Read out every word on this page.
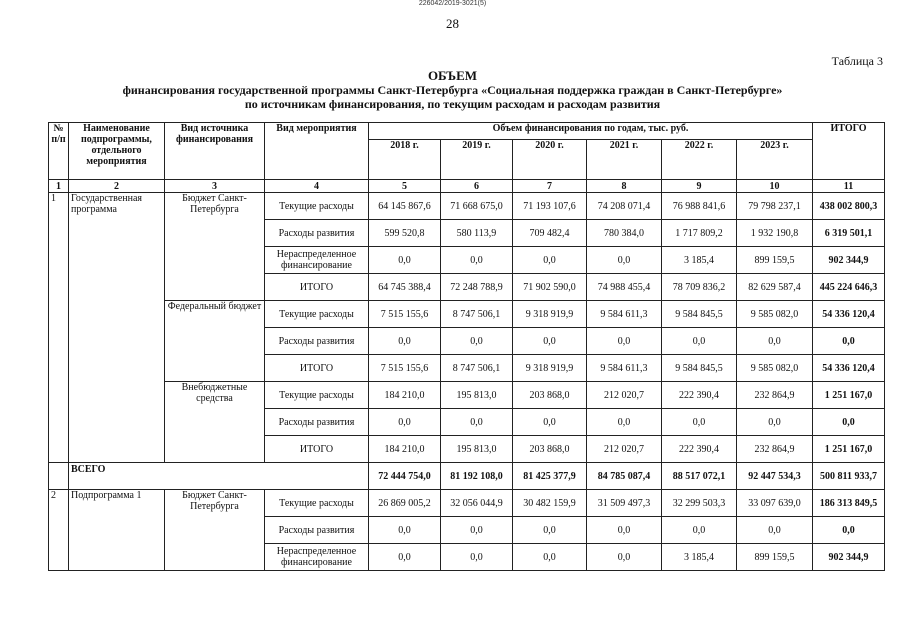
226042/2019-3021(5)
28
Таблица 3
ОБЪЕМ
финансирования государственной программы Санкт-Петербурга «Социальная поддержка граждан в Санкт-Петербурге»
по источникам финансирования, по текущим расходам и расходам развития
№ п/п	Наименование подпрограммы, отдельного мероприятия	Вид источника финансирования	Вид мероприятия	Объем финансирования по годам, тыс. руб.						ИТОГО
				2018 г.	2019 г.	2020 г.	2021 г.	2022 г.	2023 г.	
1	2	3	4	5	6	7	8	9	10	11
1	Государственная программа	Бюджет Санкт-Петербурга	Текущие расходы	64 145 867,6	71 668 675,0	71 193 107,6	74 208 071,4	76 988 841,6	79 798 237,1	438 002 800,3
			Расходы развития	599 520,8	580 113,9	709 482,4	780 384,0	1 717 809,2	1 932 190,8	6 319 501,1
			Нераспределенное финансирование	0,0	0,0	0,0	0,0	3 185,4	899 159,5	902 344,9
			ИТОГО	64 745 388,4	72 248 788,9	71 902 590,0	74 988 455,4	78 709 836,2	82 629 587,4	445 224 646,3
		Федеральный бюджет	Текущие расходы	7 515 155,6	8 747 506,1	9 318 919,9	9 584 611,3	9 584 845,5	9 585 082,0	54 336 120,4
			Расходы развития	0,0	0,0	0,0	0,0	0,0	0,0	0,0
			ИТОГО	7 515 155,6	8 747 506,1	9 318 919,9	9 584 611,3	9 584 845,5	9 585 082,0	54 336 120,4
		Внебюджетные средства	Текущие расходы	184 210,0	195 813,0	203 868,0	212 020,7	222 390,4	232 864,9	1 251 167,0
			Расходы развития	0,0	0,0	0,0	0,0	0,0	0,0	0,0
			ИТОГО	184 210,0	195 813,0	203 868,0	212 020,7	222 390,4	232 864,9	1 251 167,0
	ВСЕГО			72 444 754,0	81 192 108,0	81 425 377,9	84 785 087,4	88 517 072,1	92 447 534,3	500 811 933,7
2	Подпрограмма 1	Бюджет Санкт-Петербурга	Текущие расходы	26 869 005,2	32 056 044,9	30 482 159,9	31 509 497,3	32 299 503,3	33 097 639,0	186 313 849,5
			Расходы развития	0,0	0,0	0,0	0,0	0,0	0,0	0,0
			Нераспределенное финансирование	0,0	0,0	0,0	0,0	3 185,4	899 159,5	902 344,9
